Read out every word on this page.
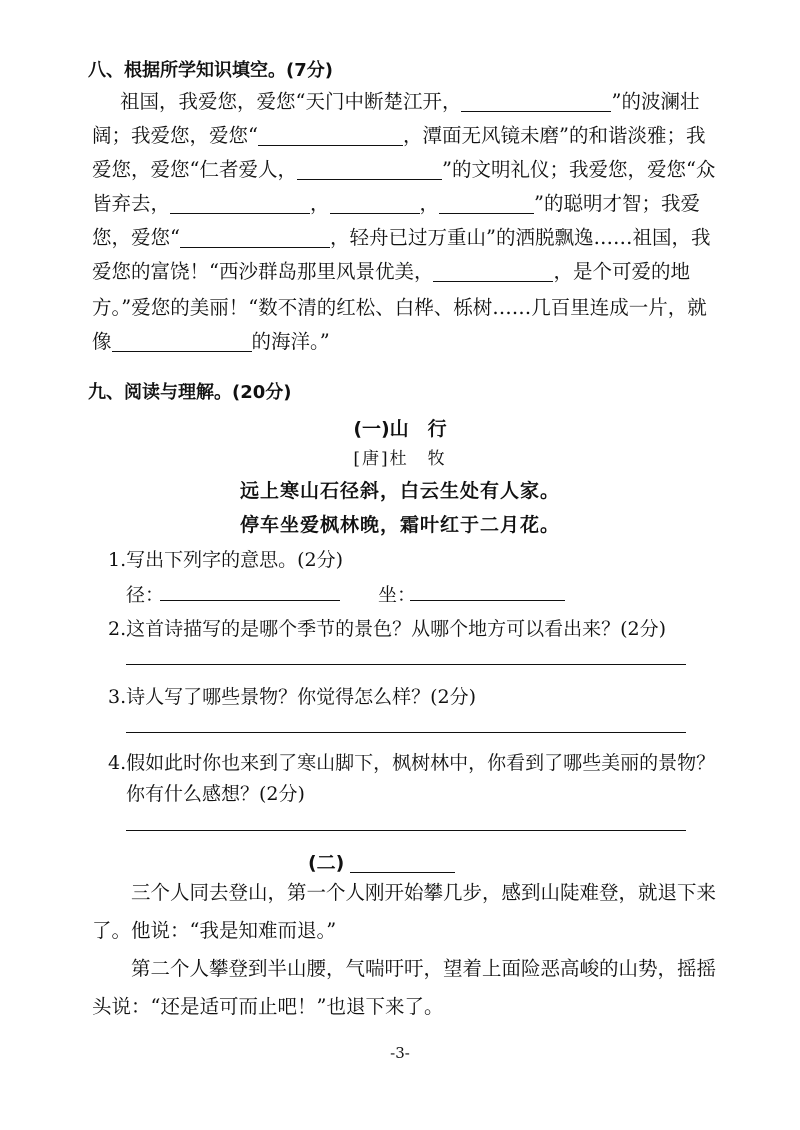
八、根据所学知识填空。(7分)
祖国，我爱您，爱您“天门中断楚江开，	”的波澜壮
阔；我爱您，爱您“	，潭面无风镜未磨”的和谐淡雅；我
爱您，爱您“仁者爱人，	”的文明礼仪；我爱您，爱您“众
皆弃去，	，	，	”的聪明才智；我爱
您，爱您“	，轻舟已过万重山”的洒脱飘逸……祖国，我
爱您的富饶！“西沙群岛那里风景优美，	，是个可爱的地
方。”爱您的美丽！“数不清的红松、白桦、栎树……几百里连成一片，就
像	的海洋。”
九、阅读与理解。(20分)
(一)山　行
[唐]杜　牧
远上寒山石径斜，白云生处有人家。
停车坐爱枫林晚，霜叶红于二月花。
1.写出下列字的意思。(2分)
径：	坐：
2.这首诗描写的是哪个季节的景色？从哪个地方可以看出来？(2分)
3.诗人写了哪些景物？你觉得怎么样？(2分)
4.假如此时你也来到了寒山脚下，枫树林中，你看到了哪些美丽的景物？
你有什么感想？(2分)
(二)
　　三个人同去登山，第一个人刚开始攀几步，感到山陡难登，就退下来
了。他说：“我是知难而退。”
　　第二个人攀登到半山腰，气喘吁吁，望着上面险恶高峻的山势，摇摇
头说：“还是适可而止吧！”也退下来了。
-3-
